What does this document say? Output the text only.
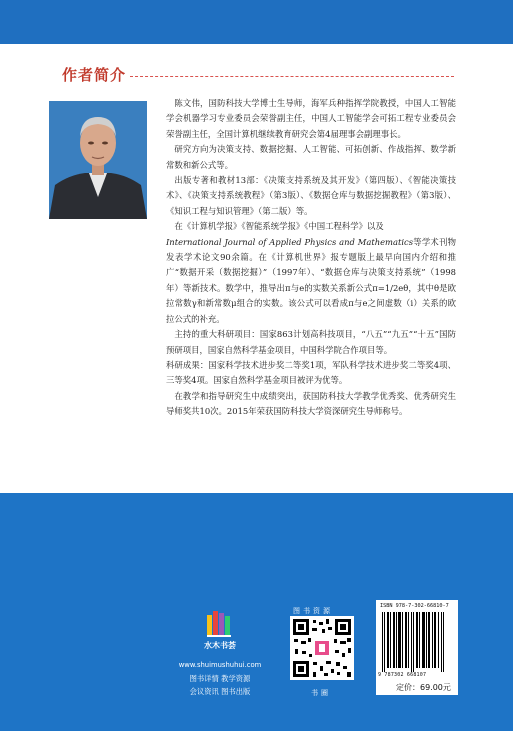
作者简介

陈文伟，国防科技大学博士生导师，海军兵种指挥学院教授，中国人工智能学会机器学习专业委员会荣誉副主任，中国人工智能学会可拓工程专业委员会荣誉副主任，全国计算机继续教育研究会第4届理事会副理事长。

研究方向为决策支持、数据挖掘、人工智能、可拓创新、作战指挥、数学新常数和新公式等。

出版专著和教材13部：《决策支持系统及其开发》（第四版）、《智能决策技术》、《决策支持系统教程》（第3版）、《数据仓库与数据挖掘教程》（第3版）、《知识工程与知识管理》（第二版）等。

在《计算机学报》《智能系统学报》《中国工程科学》以及
International Journal of Applied Physics and Mathematics等学术刊物发表学术论文90余篇。在《计算机世界》报专题版上最早向国内介绍和推广“数据开采（数据挖掘）”（1997年）、“数据仓库与决策支持系统”（1998年）等新技术。数学中，推导出π与e的实数关系新公式π=1/2eθ，其中θ是欧拉常数γ和新常数μ组合的实数。该公式可以看成π与e之间虚数（i）关系的欧拉公式的补充。

主持的重大科研项目：国家863计划高科技项目，“八五”“九五”“十五”国防预研项目，国家自然科学基金项目，中国科学院合作项目等。

科研成果：国家科学技术进步奖二等奖1项，军队科学技术进步奖二等奖4项、三等奖4项。国家自然科学基金项目被评为优等。

在教学和指导研究生中成绩突出，获国防科技大学教学优秀奖、优秀研究生导师奖共10次。2015年荣获国防科技大学资深研究生导师称号。

水木书荟
www.shuimushuhui.com
图书详情 教学资源
会议资讯 图书出版
图书资源
书圈
ISBN 978-7-302-66810-7
9 787302 668107
定价：69.00元
